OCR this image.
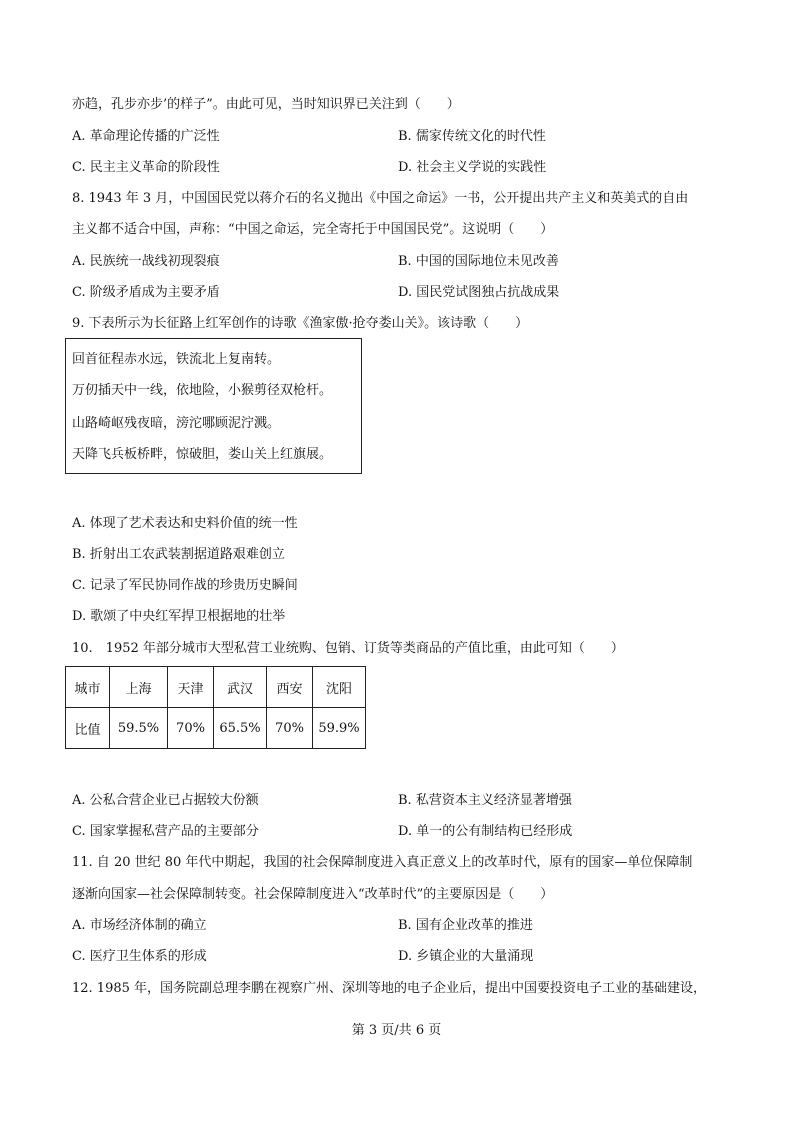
亦趋，孔步亦步’的样子”。由此可见，当时知识界已关注到（　　）
A. 革命理论传播的广泛性	B. 儒家传统文化的时代性
C. 民主主义革命的阶段性	D. 社会主义学说的实践性
8. 1943 年 3 月，中国国民党以蒋介石的名义抛出《中国之命运》一书，公开提出共产主义和英美式的自由
主义都不适合中国，声称：“中国之命运，完全寄托于中国国民党”。这说明（　　）
A. 民族统一战线初现裂痕	B. 中国的国际地位未见改善
C. 阶级矛盾成为主要矛盾	D. 国民党试图独占抗战成果
9. 下表所示为长征路上红军创作的诗歌《渔家傲·抢夺娄山关》。该诗歌（　　）
回首征程赤水远，铁流北上复南转。
万仞插天中一线，依地险，小猴剪径双枪杆。
山路崎岖残夜暗，滂沱哪顾泥泞溅。
天降飞兵板桥畔，惊破胆，娄山关上红旗展。
A. 体现了艺术表达和史料价值的统一性
B. 折射出工农武装割据道路艰难创立
C. 记录了军民协同作战的珍贵历史瞬间
D. 歌颂了中央红军捍卫根据地的壮举
10.　1952 年部分城市大型私营工业统购、包销、订货等类商品的产值比重，由此可知（　　）
城市	上海	天津	武汉	西安	沈阳
比值	59.5%	70%	65.5%	70%	59.9%
A. 公私合营企业已占据较大份额	B. 私营资本主义经济显著增强
C. 国家掌握私营产品的主要部分	D. 单一的公有制结构已经形成
11. 自 20 世纪 80 年代中期起，我国的社会保障制度进入真正意义上的改革时代，原有的国家—单位保障制
逐渐向国家—社会保障制转变。社会保障制度进入“改革时代”的主要原因是（　　）
A. 市场经济体制的确立	B. 国有企业改革的推进
C. 医疗卫生体系的形成	D. 乡镇企业的大量涌现
12. 1985 年，国务院副总理李鹏在视察广州、深圳等地的电子企业后，提出中国要投资电子工业的基础建设，
第 3 页/共 6 页
